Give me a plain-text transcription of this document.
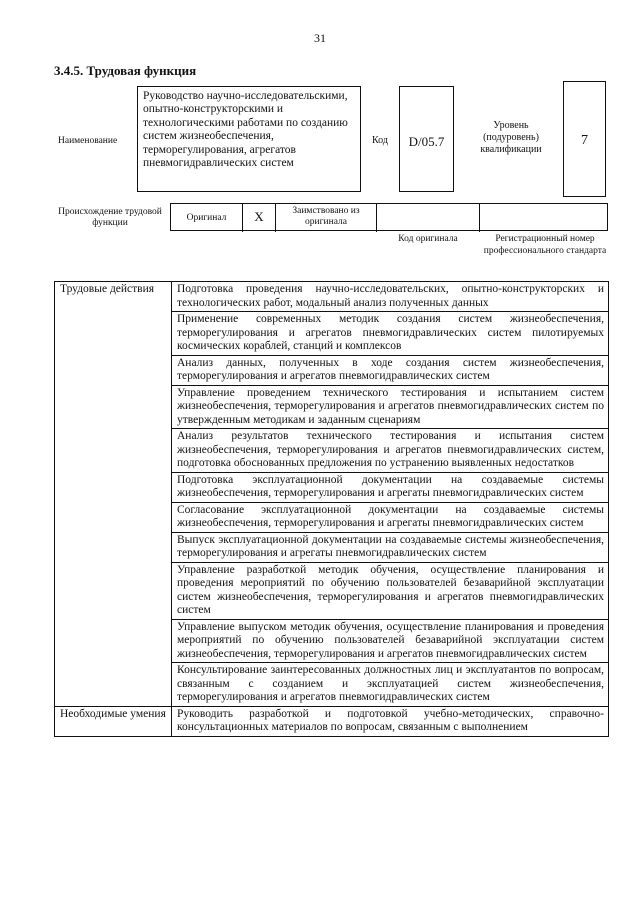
31
3.4.5. Трудовая функция
Наименование
Руководство научно-исследовательскими, опытно-конструкторскими и технологическими работами по созданию систем жизнеобеспечения, терморегулирования, агрегатов пневмогидравлических систем
Код	D/05.7
Уровень (подуровень) квалификации
7
Происхождение трудовой функции	Оригинал	X	Заимствовано из оригинала
Код оригинала	Регистрационный номер профессионального стандарта
Трудовые действия	Подготовка проведения научно-исследовательских, опытно-конструкторских и технологических работ, модальный анализ полученных данных
	Применение современных методик создания систем жизнеобеспечения, терморегулирования и агрегатов пневмогидравлических систем пилотируемых космических кораблей, станций и комплексов
	Анализ данных, полученных в ходе создания систем жизнеобеспечения, терморегулирования и агрегатов пневмогидравлических систем
	Управление проведением технического тестирования и испытанием систем жизнеобеспечения, терморегулирования и агрегатов пневмогидравлических систем по утвержденным методикам и заданным сценариям
	Анализ результатов технического тестирования и испытания систем жизнеобеспечения, терморегулирования и агрегатов пневмогидравлических систем, подготовка обоснованных предложения по устранению выявленных недостатков
	Подготовка эксплуатационной документации на создаваемые системы жизнеобеспечения, терморегулирования и агрегаты пневмогидравлических систем
	Согласование эксплуатационной документации на создаваемые системы жизнеобеспечения, терморегулирования и агрегаты пневмогидравлических систем
	Выпуск эксплуатационной документации на создаваемые системы жизнеобеспечения, терморегулирования и агрегаты пневмогидравлических систем
	Управление разработкой методик обучения, осуществление планирования и проведения мероприятий по обучению пользователей безаварийной эксплуатации систем жизнеобеспечения, терморегулирования и агрегатов пневмогидравлических систем
	Управление выпуском методик обучения, осуществление планирования и проведения мероприятий по обучению пользователей безаварийной эксплуатации систем жизнеобеспечения, терморегулирования и агрегатов пневмогидравлических систем
	Консультирование заинтересованных должностных лиц и эксплуатантов по вопросам, связанным с созданием и эксплуатацией систем жизнеобеспечения, терморегулирования и агрегатов пневмогидравлических систем
Необходимые умения	Руководить разработкой и подготовкой учебно-методических, справочно-консультационных материалов по вопросам, связанным с выполнением
